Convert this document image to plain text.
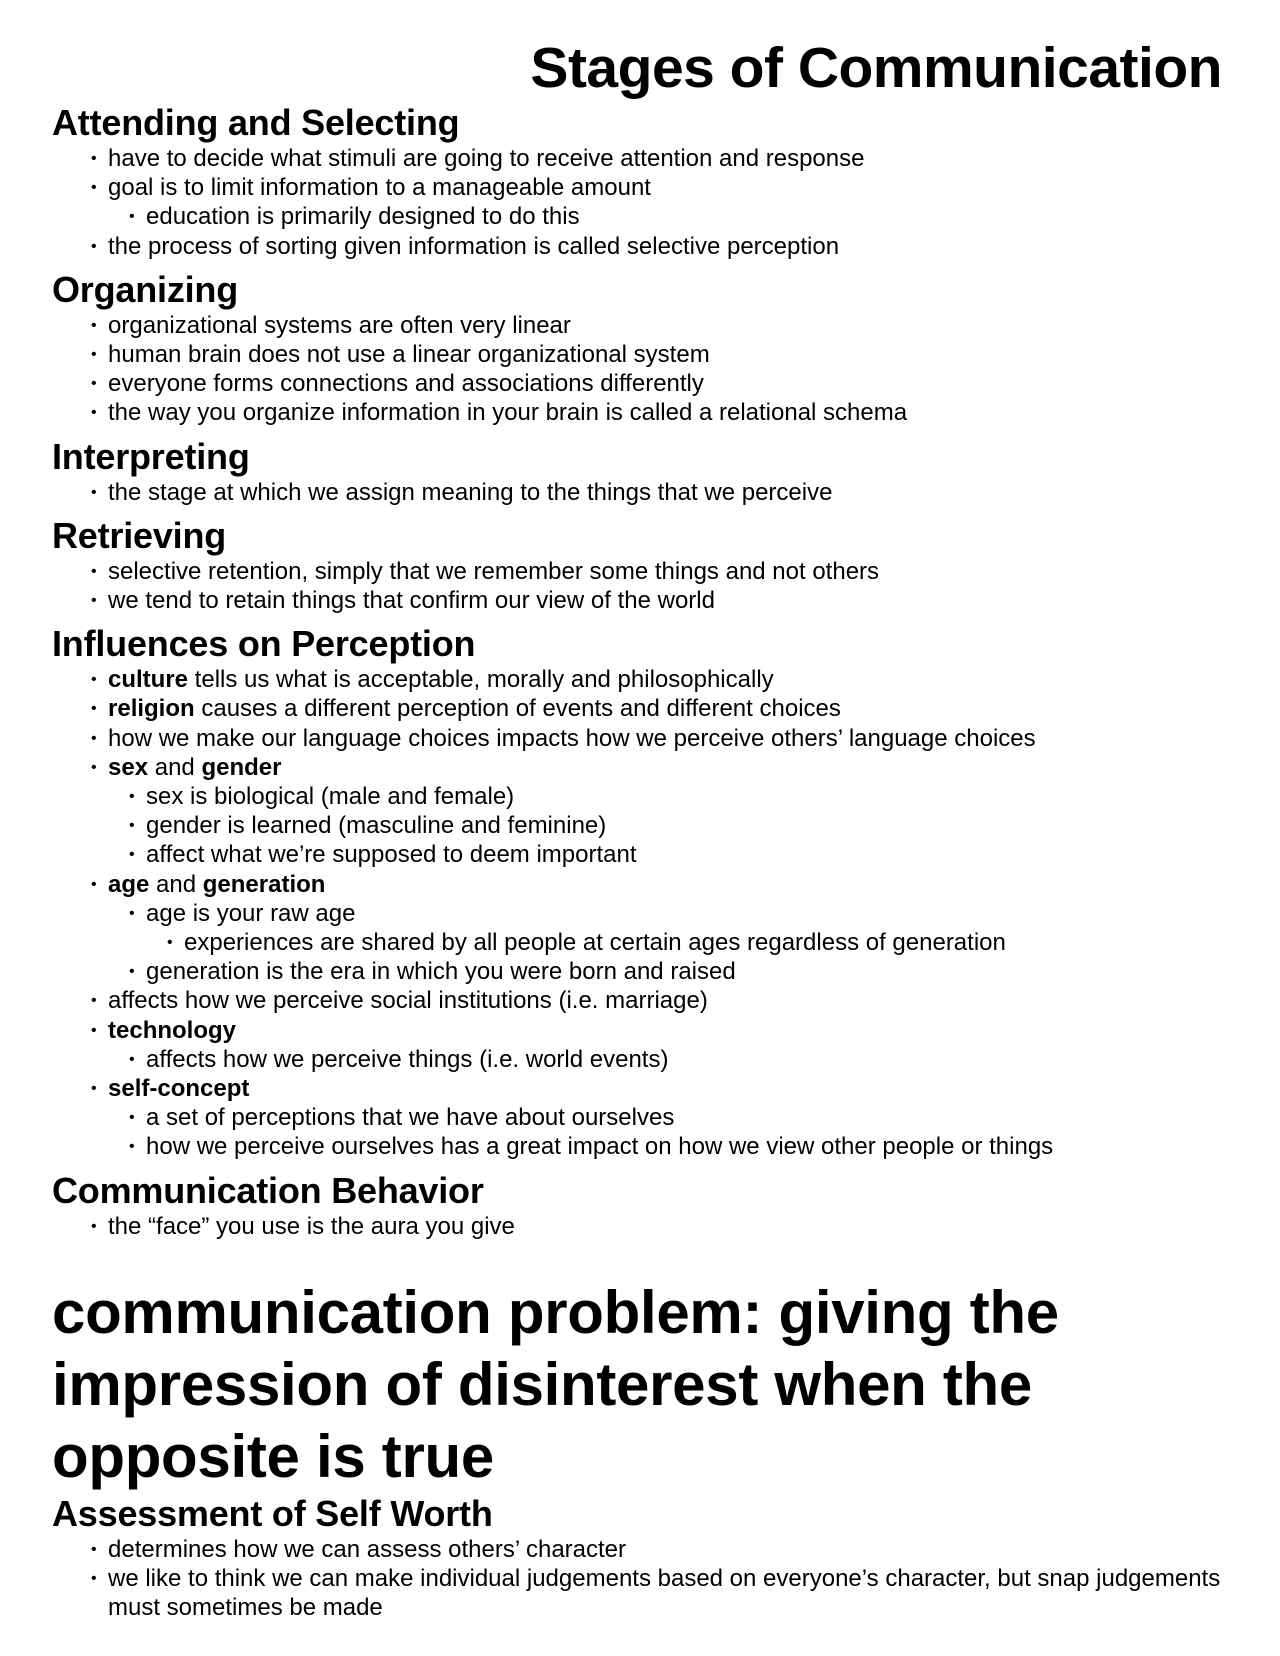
Stages of Communication
Attending and Selecting
• have to decide what stimuli are going to receive attention and response
• goal is to limit information to a manageable amount
• education is primarily designed to do this
• the process of sorting given information is called selective perception
Organizing
• organizational systems are often very linear
• human brain does not use a linear organizational system
• everyone forms connections and associations differently
• the way you organize information in your brain is called a relational schema
Interpreting
• the stage at which we assign meaning to the things that we perceive
Retrieving
• selective retention, simply that we remember some things and not others
• we tend to retain things that confirm our view of the world
Influences on Perception
• culture tells us what is acceptable, morally and philosophically
• religion causes a different perception of events and different choices
• how we make our language choices impacts how we perceive others’ language choices
• sex and gender
• sex is biological (male and female)
• gender is learned (masculine and feminine)
• affect what we’re supposed to deem important
• age and generation
• age is your raw age
• experiences are shared by all people at certain ages regardless of generation
• generation is the era in which you were born and raised
• affects how we perceive social institutions (i.e. marriage)
• technology
• affects how we perceive things (i.e. world events)
• self-concept
• a set of perceptions that we have about ourselves
• how we perceive ourselves has a great impact on how we view other people or things
Communication Behavior
• the “face” you use is the aura you give
communication problem: giving the impression of disinterest when the opposite is true
Assessment of Self Worth
• determines how we can assess others’ character
• we like to think we can make individual judgements based on everyone’s character, but snap judgements must sometimes be made
